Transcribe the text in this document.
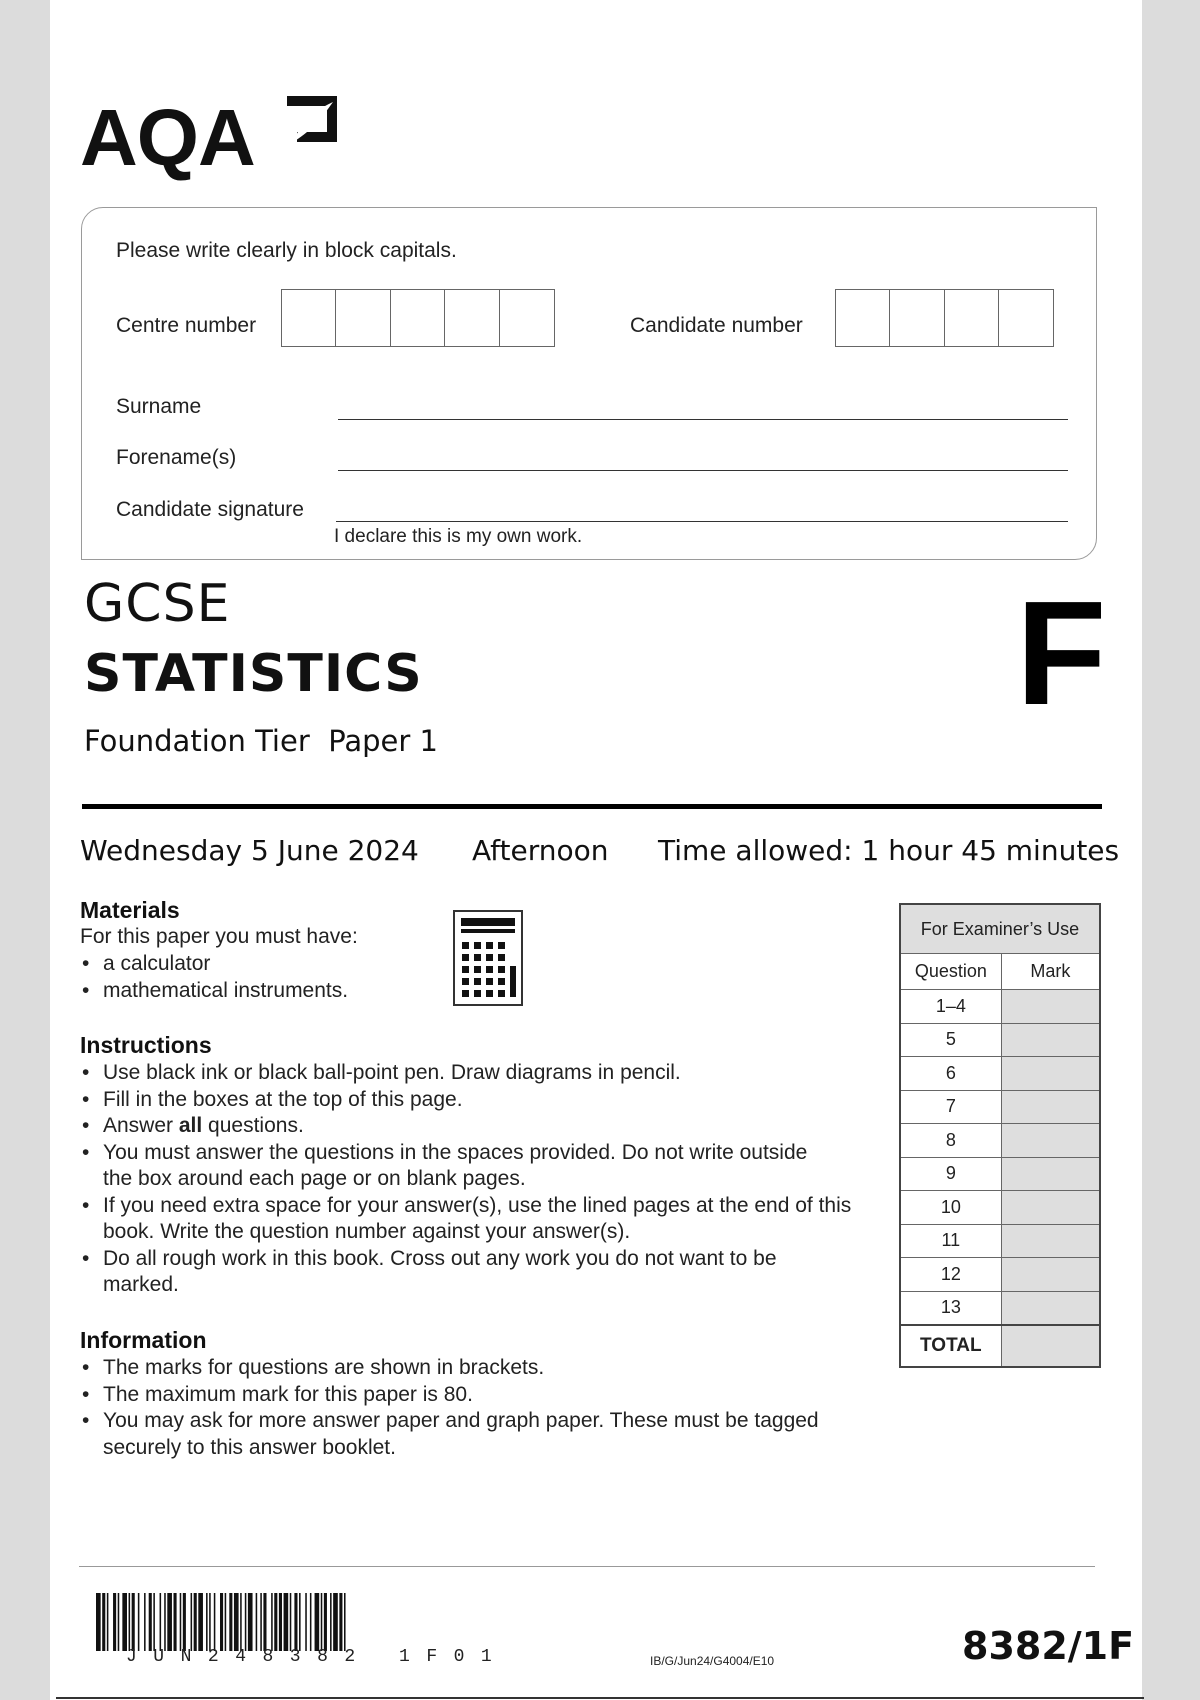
AQA
Please write clearly in block capitals.
Centre number	Candidate number
Surname
Forename(s)
Candidate signature
I declare this is my own work.
GCSE
STATISTICS
Foundation Tier Paper 1
F
Wednesday 5 June 2024 Afternoon Time allowed: 1 hour 45 minutes
Materials
For this paper you must have:
• a calculator
• mathematical instruments.
Instructions
• Use black ink or black ball-point pen. Draw diagrams in pencil.
• Fill in the boxes at the top of this page.
• Answer all questions.
• You must answer the questions in the spaces provided. Do not write outside the box around each page or on blank pages.
• If you need extra space for your answer(s), use the lined pages at the end of this book. Write the question number against your answer(s).
• Do all rough work in this book. Cross out any work you do not want to be marked.
Information
• The marks for questions are shown in brackets.
• The maximum mark for this paper is 80.
• You may ask for more answer paper and graph paper. These must be tagged securely to this answer booklet.
For Examiner’s Use	
Question	Mark
1–4	
5	
6	
7	
8	
9	
10	
11	
12	
13	
TOTAL	
JUN248382 1F01	IB/G/Jun24/G4004/E10	8382/1F
